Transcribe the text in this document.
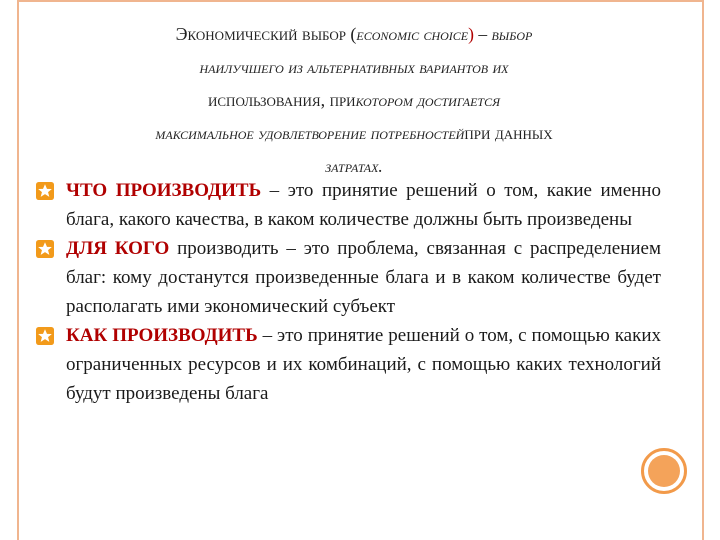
Экономический выбор (economic choice) – выбор
наилучшего из альтернативных вариантов их
использования, прикотором достигается
максимальное удовлетворение потребностейпри данных
затратах.
ЧТО ПРОИЗВОДИТЬ – это принятие решений о том, какие именно блага, какого качества, в каком количестве должны быть произведены
ДЛЯ КОГО производить – это проблема, связанная с распределением благ: кому достанутся произведенные блага и в каком количестве будет располагать ими экономический субъект
КАК ПРОИЗВОДИТЬ – это принятие решений о том, с помощью каких ограниченных ресурсов и их комбинаций, с помощью каких технологий будут произведены блага
